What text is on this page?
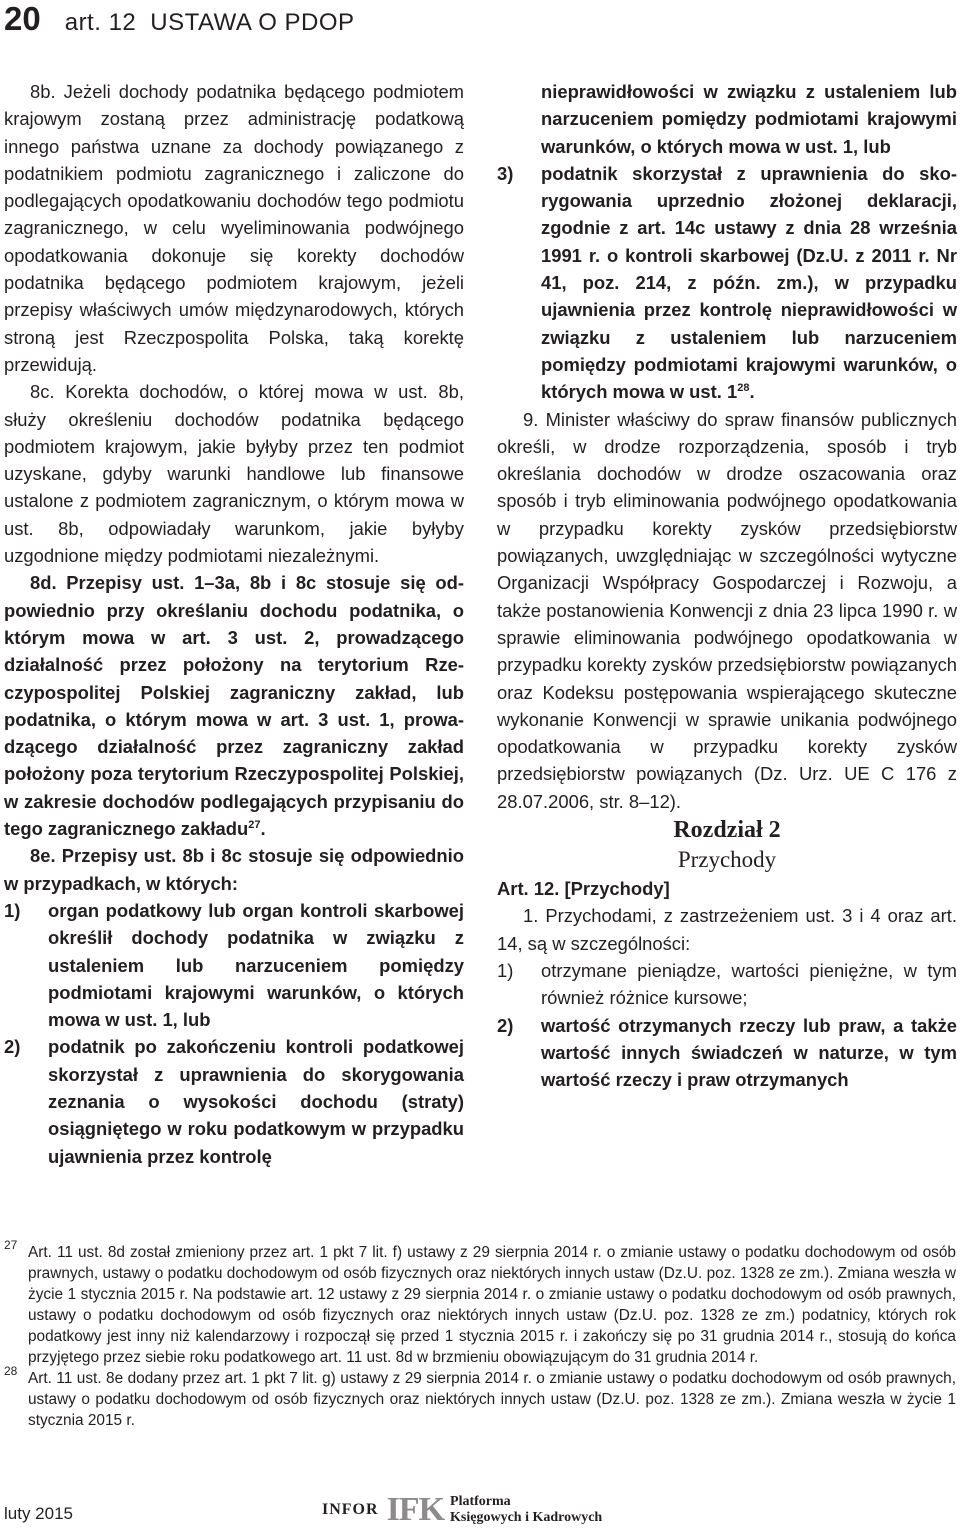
20 art. 12 USTAWA O PDOP

8b. Jeżeli dochody podatnika będącego podmiotem krajowym zostaną przez administrację podatkową innego państwa uznane za dochody powiązanego z podatnikiem podmiotu zagranicznego i zaliczone do podlegających opodatkowaniu dochodów tego podmiotu zagranicznego, w celu wyeliminowania podwójnego opodatkowania dokonuje się korekty dochodów podatnika będącego podmiotem krajowym, jeżeli przepisy właściwych umów międzynarodowych, których stroną jest Rzeczpospolita Polska, taką korektę przewidują.

8c. Korekta dochodów, o której mowa w ust. 8b, służy określeniu dochodów podatnika będącego podmiotem krajowym, jakie byłyby przez ten podmiot uzyskane, gdyby warunki handlowe lub finansowe ustalone z podmiotem zagranicznym, o którym mowa w ust. 8b, odpowiadały warunkom, jakie byłyby uzgodnione między podmiotami niezależnymi.

8d. Przepisy ust. 1–3a, 8b i 8c stosuje się odpowiednio przy określaniu dochodu podatnika, o którym mowa w art. 3 ust. 2, prowadzącego działalność przez położony na terytorium Rzeczypospolitej Polskiej zagraniczny zakład, lub podatnika, o którym mowa w art. 3 ust. 1, prowadzącego działalność przez zagraniczny zakład położony poza terytorium Rzeczypospolitej Polskiej, w zakresie dochodów podlegających przypisaniu do tego zagranicznego zakładu$^{27}$.

8e. Przepisy ust. 8b i 8c stosuje się odpowiednio w przypadkach, w których:

1)	organ podatkowy lub organ kontroli skarbowej określił dochody podatnika w związku z ustaleniem lub narzuceniem pomiędzy podmiotami krajowymi warunków, o których mowa w ust. 1, lub
2)	podatnik po zakończeniu kontroli podatkowej skorzystał z uprawnienia do skorygowania zeznania o wysokości dochodu (straty) osiągniętego w roku podatkowym w przypadku ujawnienia przez kontrolę
nieprawidłowości w związku z ustaleniem lub narzuceniem pomiędzy podmiotami krajowymi warunków, o których mowa w ust. 1, lub
3)	podatnik skorzystał z uprawnienia do skorygowania uprzednio złożonej deklaracji, zgodnie z art. 14c ustawy z dnia 28 września 1991 r. o kontroli skarbowej (Dz.U. z 2011 r. Nr 41, poz. 214, z późn. zm.), w przypadku ujawnienia przez kontrolę nieprawidłowości w związku z ustaleniem lub narzuceniem pomiędzy podmiotami krajowymi warunków, o których mowa w ust. $1^{28}$.

9. Minister właściwy do spraw finansów publicznych określi, w drodze rozporządzenia, sposób i tryb określania dochodów w drodze oszacowania oraz sposób i tryb eliminowania podwójnego opodatkowania w przypadku korekty zysków przedsiębiorstw powiązanych, uwzględniając w szczególności wytyczne Organizacji Współpracy Gospodarczej i Rozwoju, a także postanowienia Konwencji z dnia 23 lipca 1990 r. w sprawie eliminowania podwójnego opodatkowania w przypadku korekty zysków przedsiębiorstw powiązanych oraz Kodeksu postępowania wspierającego skuteczne wykonanie Konwencji w sprawie unikania podwójnego opodatkowania w przypadku korekty zysków przedsiębiorstw powiązanych (Dz. Urz. UE C 176 z 28.07.2006, str. 8–12).

Rozdział 2

Przychody

Art. 12. [Przychody]

1. Przychodami, z zastrzeżeniem ust. 3 i 4 oraz art. 14, są w szczególności:

1)	otrzymane pieniądze, wartości pieniężne, w tym również różnice kursowe;
2)	wartość otrzymanych rzeczy lub praw, a także wartość innych świadczeń w naturze, w tym wartość rzeczy i praw otrzymanych
27 Art. 11 ust. 8d został zmieniony przez art. 1 pkt 7 lit. f) ustawy z 29 sierpnia 2014 r. o zmianie ustawy o podatku dochodowym od osób prawnych, ustawy o podatku dochodowym od osób fizycznych oraz niektórych innych ustaw (Dz.U. poz. 1328 ze zm.). Zmiana weszła w życie 1 stycznia 2015 r. Na podstawie art. 12 ustawy z 29 sierpnia 2014 r. o zmianie ustawy o podatku dochodowym od osób prawnych, ustawy o podatku dochodowym od osób fizycznych oraz niektórych innych ustaw (Dz.U. poz. 1328 ze zm.) podatnicy, których rok podatkowy jest inny niż kalendarzowy i rozpoczął się przed 1 stycznia 2015 r. i zakończy się po 31 grudnia 2014 r., stosują do końca przyjętego przez siebie roku podatkowego art. 11 ust. 8d w brzmieniu obowiązującym do 31 grudnia 2014 r.
28 Art. 11 ust. 8e dodany przez art. 1 pkt 7 lit. g) ustawy z 29 sierpnia 2014 r. o zmianie ustawy o podatku dochodowym od osób prawnych, ustawy o podatku dochodowym od osób fizycznych oraz niektórych innych ustaw (Dz.U. poz. 1328 ze zm.). Zmiana weszła w życie 1 stycznia 2015 r.
luty 2015	INFOR IFK Platforma
Księgowych i Kadrowych
